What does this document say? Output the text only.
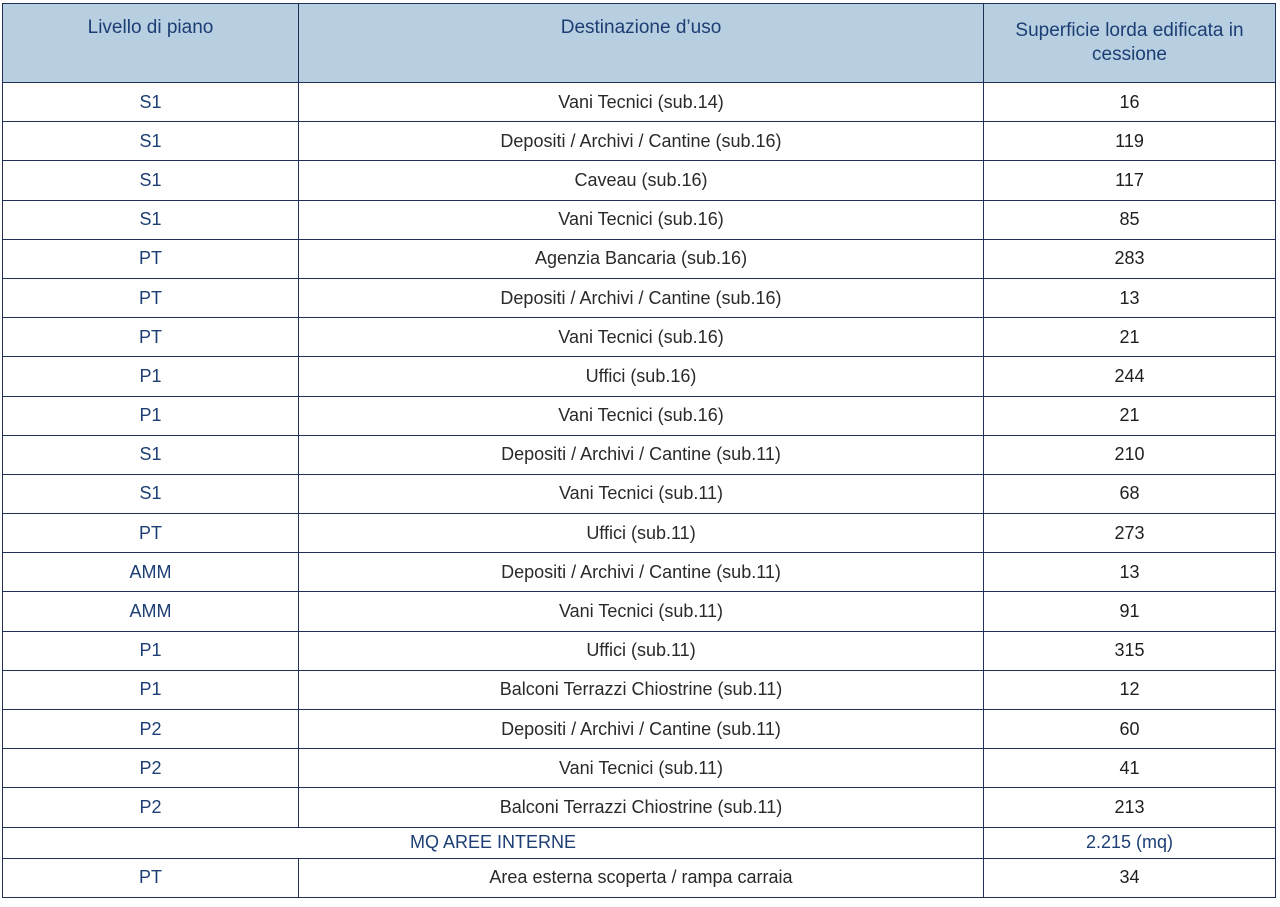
Livello di piano	Destinazione d’uso	Superficie lorda edificata in cessione
S1	Vani Tecnici (sub.14)	16
S1	Depositi / Archivi / Cantine (sub.16)	119
S1	Caveau (sub.16)	117
S1	Vani Tecnici (sub.16)	85
PT	Agenzia Bancaria (sub.16)	283
PT	Depositi / Archivi / Cantine (sub.16)	13
PT	Vani Tecnici (sub.16)	21
P1	Uffici (sub.16)	244
P1	Vani Tecnici (sub.16)	21
S1	Depositi / Archivi / Cantine (sub.11)	210
S1	Vani Tecnici (sub.11)	68
PT	Uffici (sub.11)	273
AMM	Depositi / Archivi / Cantine (sub.11)	13
AMM	Vani Tecnici (sub.11)	91
P1	Uffici (sub.11)	315
P1	Balconi Terrazzi Chiostrine (sub.11)	12
P2	Depositi / Archivi / Cantine (sub.11)	60
P2	Vani Tecnici (sub.11)	41
P2	Balconi Terrazzi Chiostrine (sub.11)	213
MQ AREE INTERNE		2.215 (mq)
PT	Area esterna scoperta / rampa carraia	34
